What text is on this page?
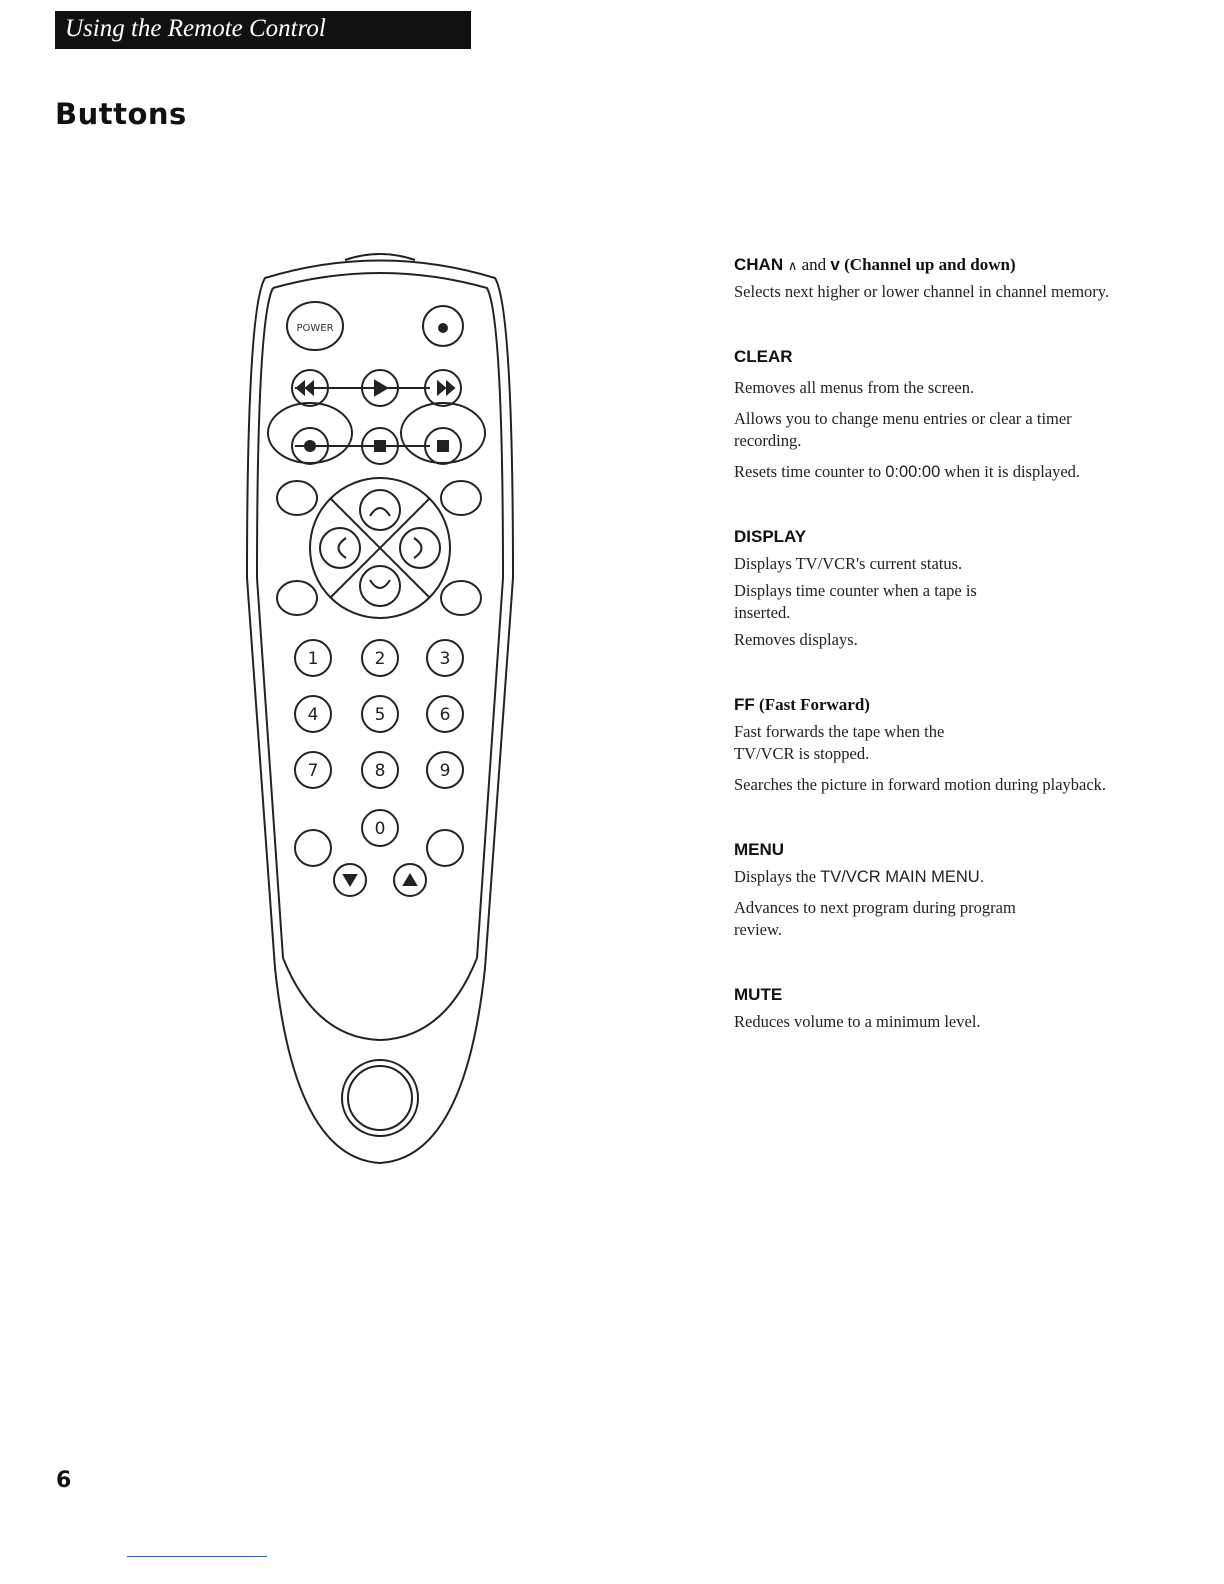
Using the Remote Control
Buttons
POWER
1	2	3
4	5	6
7	8	9
0

CHAN ∧ and v (Channel up and down)

Selects next higher or lower channel in channel memory.

CLEAR

Removes all menus from the screen.

Allows you to change menu entries or clear a timer recording.

Resets time counter to 0:00:00 when it is displayed.

DISPLAY

Displays TV/VCR's current status.

Displays time counter when a tape is inserted.

Removes displays.

FF (Fast Forward)

Fast forwards the tape when the TV/VCR is stopped.

Searches the picture in forward motion during playback.

MENU

Displays the TV/VCR MAIN MENU.

Advances to next program during program review.

MUTE

Reduces volume to a minimum level.

6
